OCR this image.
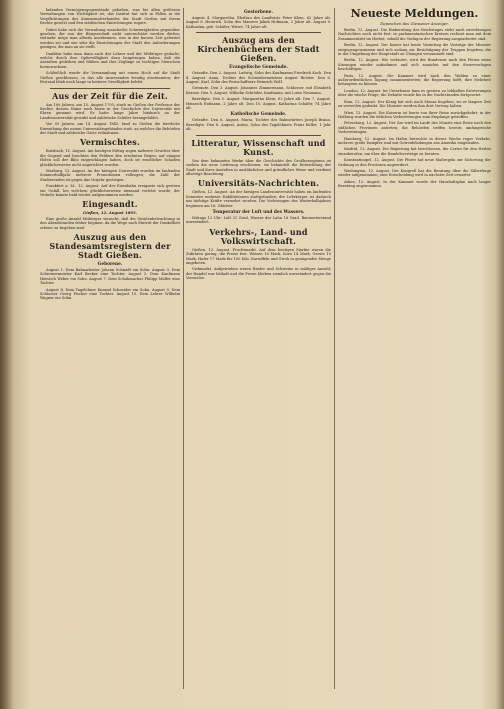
ladenden Vermögensgegenstände gehalten, was bei allen größeren Verwaltungen von Wichtigkeit ist; das Institut hat sich in Fällen in die Verpflichtungen des Kommunalverbandes der Stadt Gießen mit ihrem Rechte gesetzt und den städtischen Einrichtungen zugute.

Dabei habe sich die Verwaltung mancherlei Schwierigkeiten gegenüber gesehen, die von der Bürgerschaft nicht unterschätzt werden dürfen; vielmehr möge man allseits anerkennen, was in der kurzen Zeit geleistet worden sei und wie sehr die Einrichtungen der Stadt den Anforderungen genügen, die man an sie stellt.

Dankbar habe man dann auch der Lehrer und der Mitbürger gedacht, welche durch ihre Opferwilligkeit dazu beigetragen haben, daß die Anstalten gedeihen und blühen und ihre Zöglinge zu tüchtigen Menschen heranwachsen.

Schließlich wurde die Versammlung mit einem Hoch auf die Stadt Gießen geschlossen, in das alle Anwesenden freudig einstimmten; der Festsaal blieb noch lange in heiterer Geselligkeit belebt.

Aus der Zeit für die Zeit.

Am 100 Jahren, am 15. August 1793, starb zu Gießen der Professor der Rechte, dessen Name noch heute in der Geschichte der Universität mit Ehren genannt wird. Er hatte lange Jahre hindurch an der Landesuniversität gewirkt und zahlreiche Schüler herangebildet.

Vor 50 Jahren, am 14. August 1843, fand zu Gießen die feierliche Einweihung des neuen Universitätsgebäudes statt, an welcher die Behörden der Stadt und zahlreiche Gäste teilnahmen.

Vermischtes.

Butzbach, 11. August. Am heutigen Mittag zogen mehrere Gewitter über die Gegend und brachten den Feldern den ersehnten Regen; auf einigen Höfen soll der Blitz eingeschlagen haben, doch ist ernstlicher Schaden glücklicherweise nicht angerichtet worden.

Marburg, 12. August. An der hiesigen Universität wurden im laufenden Sommerhalbjahr mehrere Promotionen vollzogen; die Zahl der Studierenden ist gegen das Vorjahr gestiegen.

Frankfurt a. M., 12. August. Auf der Eisenbahn ereignete sich gestern ein Unfall, bei welchem glücklicherweise niemand verletzt wurde; der Verkehr konnte bald wieder aufgenommen werden.

Eingesandt.
Gießen, 12. August 1893.

Eine große Anzahl Mitbürger wünscht, daß die Straßenbeleuchtung in den Abendstunden früher beginne, da die Wege nach Eintritt der Dunkelheit schwer zu begehen sind.

Auszug aus den Standesamtsregistern der Stadt Gießen.
Geborene.

August 1. Dem Bahnarbeiter Johann Schmidt ein Sohn. August 3. Dem Schreinermeister Karl Becker eine Tochter. August 5. Dem Kaufmann Heinrich Weber ein Sohn. August 7. Dem Schuhmacher Philipp Müller eine Tochter.

August 8. Dem Tagelöhner Konrad Schneider ein Sohn. August 9. Dem Schlosser Georg Fischer eine Tochter. August 10. Dem Lehrer Wilhelm Wagner ein Sohn.

Gestorbene.

August 4. Margaretha, Ehefrau des Landwirts Peter Klein, 62 Jahre alt. August 6. Heinrich, Sohn des Maurers Jakob Hofmann, 2 Jahre alt. August 9. Katharina, geb. Schäfer, Witwe, 74 Jahre alt.

Auszug aus den Kirchenbüchern der Stadt Gießen.
Evangelische Gemeinde.

Getaufte. Den 2. August. Ludwig, Sohn des Kaufmanns Friedrich Koch. Den 4. August. Anna, Tochter des Schneidermeisters August Richter. Den 6. August. Karl, Sohn des Postschaffners Heinrich Wolf.

Getraute. Den 3. August. Johannes Zimmermann, Schlosser, mit Elisabeth Krause. Den 5. August. Wilhelm Schröder, Kaufmann, mit Luise Neumann.

Beerdigte. Den 5. August. Margaretha Klein, 62 Jahre alt. Den 7. August. Heinrich Hofmann, 2 Jahre alt. Den 10. August. Katharina Schäfer, 74 Jahre alt.

Katholische Gemeinde.

Getaufte. Den 6. August. Maria, Tochter des Bahnwärters Joseph Braun. Beerdigte. Den 8. August. Anton, Sohn des Tagelöhners Franz Keller, 1 Jahr alt.

Litteratur, Wissenschaft und Kunst.

Von dem bekannten Werke über die Geschichte des Großherzogtums ist soeben die neue Lieferung erschienen; sie behandelt die Entwicklung der Stadt und ihrer Anstalten in ausführlicher und gründlicher Weise und verdient allseitige Beachtung.

Universitäts-Nachrichten.

Gießen, 12. August. An der hiesigen Landesuniversität haben im laufenden Semester mehrere Habilitationen stattgefunden; der Lehrkörper ist dadurch um tüchtige Kräfte vermehrt worden. Die Vorlesungen des Winterhalbjahres beginnen am 16. Oktober.

Temperatur der Luft und des Wassers.

Mittags 12 Uhr: Luft 21 Grad, Wasser der Lahn 18 Grad. Barometerstand unverändert.

Verkehrs-, Land- und Volkswirtschaft.

Gießen, 12. August. Fruchtmarkt. Auf dem heutigen Markte waren die Zufuhren gering, die Preise fest. Weizen 16 Mark, Korn 14 Mark, Gerste 15 Mark, Hafer 17 Mark für 100 Kilo. Kartoffeln und Stroh in genügender Menge angeboten.

Viehmarkt. Aufgetrieben waren Rinder und Schweine in mäßiger Anzahl; der Handel war lebhaft und die Preise blieben ziemlich unverändert gegen die Vorwoche.

Neueste Meldungen.
Depeschen des Giessener Anzeiger.

Berlin, 12. August. Die Einberufung des Reichstages steht nach zuverlässigen Nachrichten noch nicht fest; in parlamentarischen Kreisen rechnet man mit dem Zusammentritt im Herbst, sobald die Vorlagen der Regierung ausgearbeitet sind.

Berlin, 12. August. Der Kaiser hat heute Vormittag die Vorträge der Minister entgegengenommen und sich sodann zur Besichtigung der Truppen begeben, die in der Umgebung der Hauptstadt zu Übungen versammelt sind.

Berlin, 12. August. Wie verlautet, wird der Bundesrat nach den Ferien seine Sitzungen wieder aufnehmen und sich zunächst mit den Steuervorlagen beschäftigen.

Paris, 12. August. Die Kammer wird nach den Wahlen zu einer außerordentlichen Tagung zusammentreten; die Regierung hofft, ihre Mehrheit behaupten zu können.

London, 12. August. Im Unterhause kam es gestern zu lebhaften Erörterungen über die irische Frage; die Debatte wurde bis in die Nachtstunden fortgesetzt.

Rom, 12. August. Der König hat sich nach Monza begeben, wo er längere Zeit zu verweilen gedenkt. Die Minister werden ihm dort Vortrag halten.

Wien, 12. August. Die Kaiserin ist heute von ihrer Reise zurückgekehrt; in der Hofburg wurden die üblichen Vorbereitungen zum Empfange getroffen.

Petersburg, 12. August. Der Zar wird im Laufe des Monats eine Reise nach den südlichen Provinzen antreten; die Behörden treffen bereits umfangreiche Vorbereitungen.

Hamburg, 12. August. Im Hafen herrschte in dieser Woche reger Verkehr; mehrere große Dampfer sind mit Getreideladungen aus Amerika eingelaufen.

Madrid, 12. August. Die Regierung hat beschlossen, die Cortes für den Herbst einzuberufen, um über die Handelsverträge zu beraten.

Konstantinopel, 12. August. Die Pforte hat neue Maßregeln zur Sicherung der Ordnung in den Provinzen angeordnet.

Washington, 12. August. Der Kongreß hat die Beratung über die Silberfrage wieder aufgenommen; eine Entscheidung wird in nächster Zeit erwartet.

Athen, 12. August. In der Kammer wurde der Haushaltsplan nach langer Beratung angenommen.
